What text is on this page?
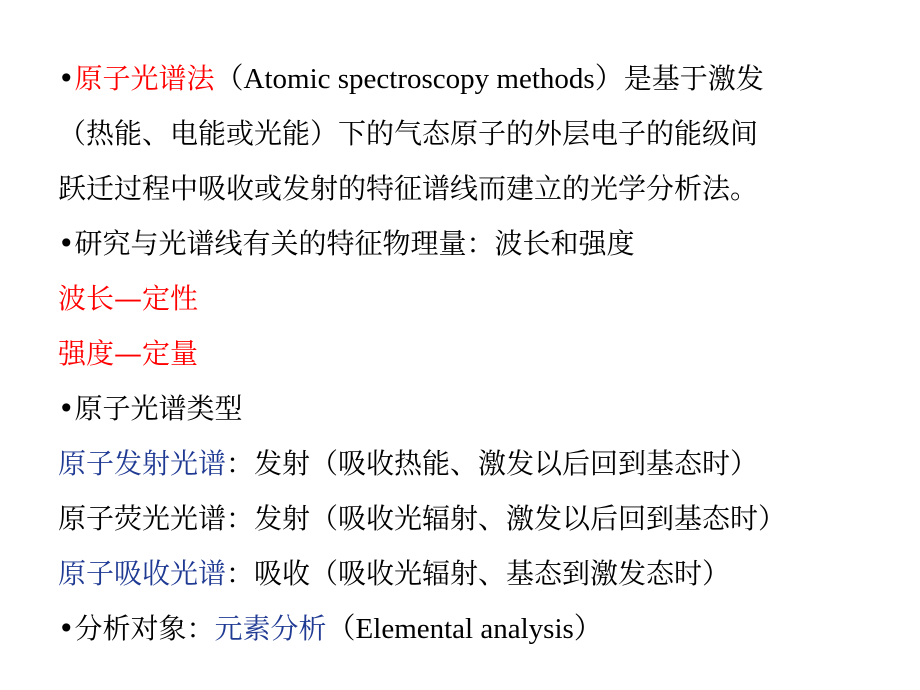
•原子光谱法（Atomic spectroscopy methods）是基于激发
（热能、电能或光能）下的气态原子的外层电子的能级间
跃迁过程中吸收或发射的特征谱线而建立的光学分析法。
•研究与光谱线有关的特征物理量：波长和强度
波长—定性
强度—定量
•原子光谱类型
原子发射光谱：发射（吸收热能、激发以后回到基态时）
原子荧光光谱：发射（吸收光辐射、激发以后回到基态时）
原子吸收光谱：吸收（吸收光辐射、基态到激发态时）
•分析对象：元素分析（Elemental analysis）
